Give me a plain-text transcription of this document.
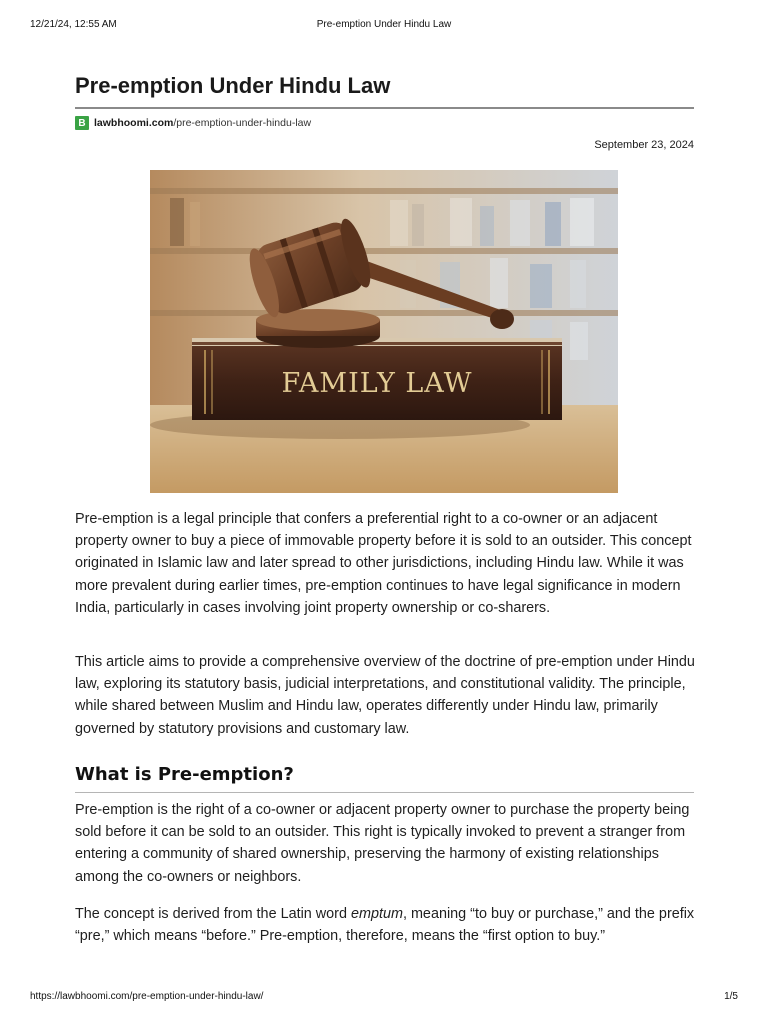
12/21/24, 12:55 AM	Pre-emption Under Hindu Law
Pre-emption Under Hindu Law
B lawbhoomi.com /pre-emption-under-hindu-law
September 23, 2024
FAMILY LAW

Pre-emption is a legal principle that confers a preferential right to a co-owner or an adjacent property owner to buy a piece of immovable property before it is sold to an outsider. This concept originated in Islamic law and later spread to other jurisdictions, including Hindu law. While it was more prevalent during earlier times, pre-emption continues to have legal significance in modern India, particularly in cases involving joint property ownership or co-sharers.

This article aims to provide a comprehensive overview of the doctrine of pre-emption under Hindu law, exploring its statutory basis, judicial interpretations, and constitutional validity. The principle, while shared between Muslim and Hindu law, operates differently under Hindu law, primarily governed by statutory provisions and customary law.

What is Pre-emption?

Pre-emption is the right of a co-owner or adjacent property owner to purchase the property being sold before it can be sold to an outsider. This right is typically invoked to prevent a stranger from entering a community of shared ownership, preserving the harmony of existing relationships among the co-owners or neighbors.

The concept is derived from the Latin word emptum, meaning “to buy or purchase,” and the prefix “pre,” which means “before.” Pre-emption, therefore, means the “first option to buy.”

https://lawbhoomi.com/pre-emption-under-hindu-law/	1/5
